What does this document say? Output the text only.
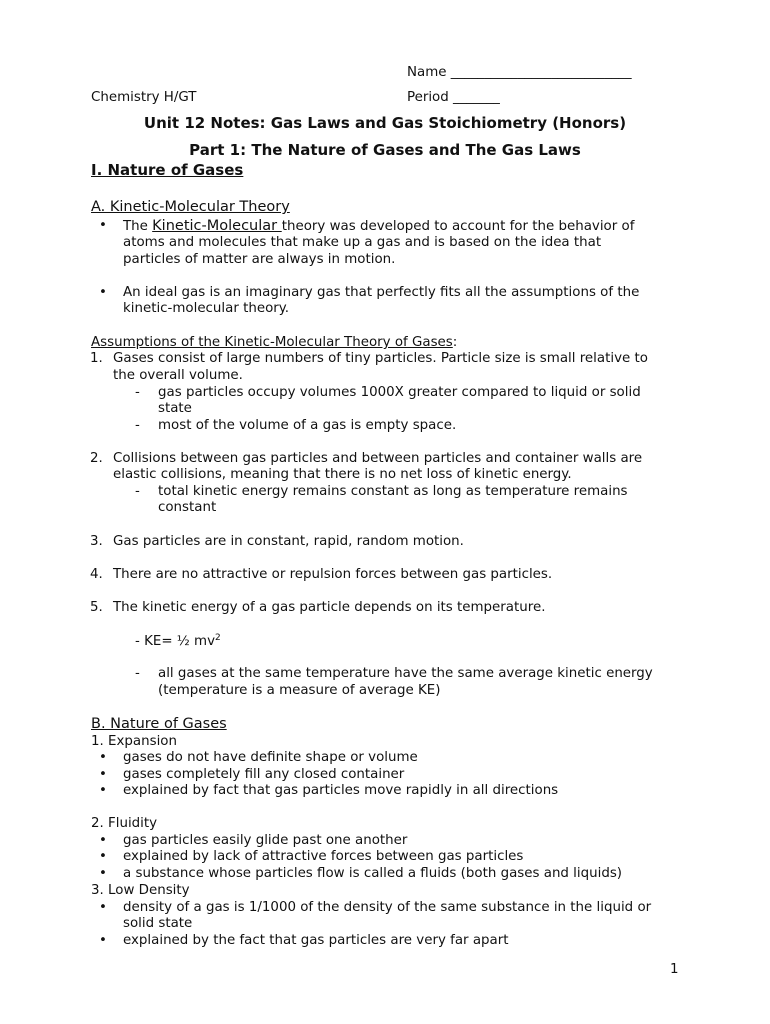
Name ___________________________
Chemistry H/GT	Period _______
Unit 12 Notes: Gas Laws and Gas Stoichiometry (Honors)
Part 1: The Nature of Gases and The Gas Laws
I. Nature of Gases
A. Kinetic-Molecular Theory
• The Kinetic-Molecular theory was developed to account for the behavior of
atoms and molecules that make up a gas and is based on the idea that
particles of matter are always in motion.
• An ideal gas is an imaginary gas that perfectly fits all the assumptions of the
kinetic-molecular theory.
Assumptions of the Kinetic-Molecular Theory of Gases:
1. Gases consist of large numbers of tiny particles. Particle size is small relative to
the overall volume.
- gas particles occupy volumes 1000X greater compared to liquid or solid
state
- most of the volume of a gas is empty space.
2. Collisions between gas particles and between particles and container walls are
elastic collisions, meaning that there is no net loss of kinetic energy.
- total kinetic energy remains constant as long as temperature remains
constant
3. Gas particles are in constant, rapid, random motion.
4. There are no attractive or repulsion forces between gas particles.
5. The kinetic energy of a gas particle depends on its temperature.
- KE= ½ $mv^2$
- all gases at the same temperature have the same average kinetic energy
(temperature is a measure of average KE)
B. Nature of Gases
1. Expansion
• gases do not have definite shape or volume
• gases completely fill any closed container
• explained by fact that gas particles move rapidly in all directions
2. Fluidity
• gas particles easily glide past one another
• explained by lack of attractive forces between gas particles
• a substance whose particles flow is called a fluids (both gases and liquids)
3. Low Density
• density of a gas is 1/1000 of the density of the same substance in the liquid or
solid state
• explained by the fact that gas particles are very far apart
1
